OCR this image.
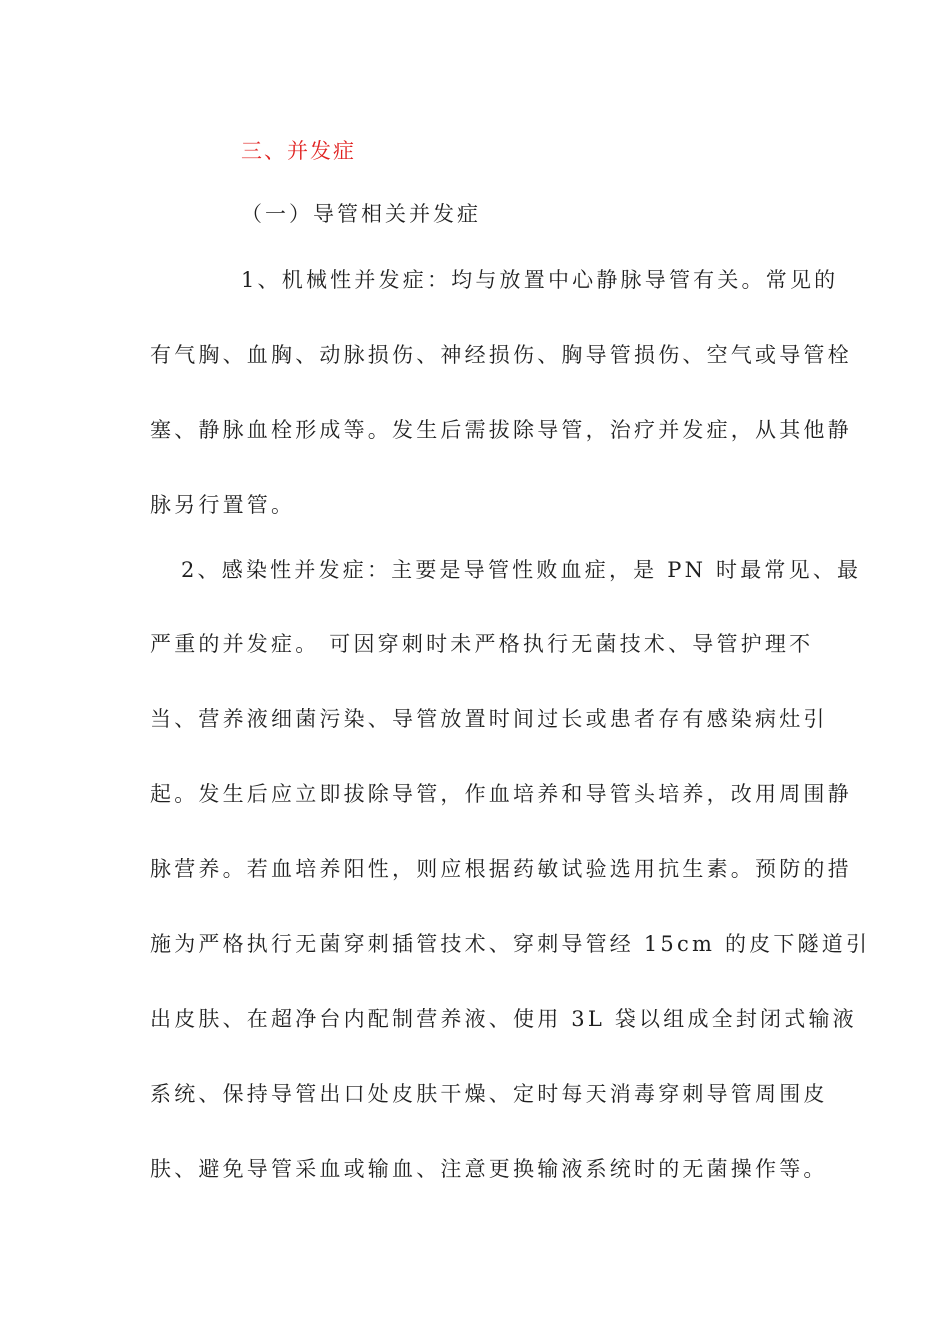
三、并发症
（一）导管相关并发症
1、机械性并发症：均与放置中心静脉导管有关。常见的
有气胸、血胸、动脉损伤、神经损伤、胸导管损伤、空气或导管栓
塞、静脉血栓形成等。发生后需拔除导管，治疗并发症，从其他静
脉另行置管。
2、感染性并发症：主要是导管性败血症，是 PN 时最常见、最
严重的并发症。 可因穿刺时未严格执行无菌技术、导管护理不
当、营养液细菌污染、导管放置时间过长或患者存有感染病灶引
起。发生后应立即拔除导管，作血培养和导管头培养，改用周围静
脉营养。若血培养阳性，则应根据药敏试验选用抗生素。预防的措
施为严格执行无菌穿刺插管技术、穿刺导管经 15cm 的皮下隧道引
出皮肤、在超净台内配制营养液、使用 3L 袋以组成全封闭式输液
系统、保持导管出口处皮肤干燥、定时每天消毒穿刺导管周围皮
肤、避免导管采血或输血、注意更换输液系统时的无菌操作等。
